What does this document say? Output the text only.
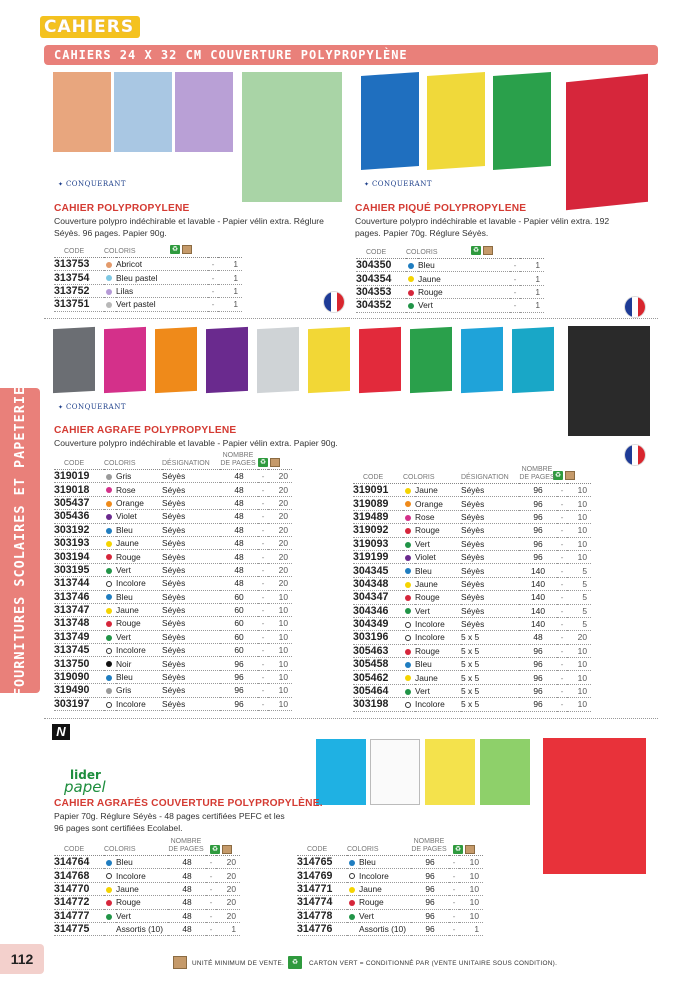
CAHIERS
CAHIERS 24 X 32 CM COUVERTURE POLYPROPYLÈNE
FOURNITURES SCOLAIRES ET PAPETERIE
112
✦ CONQUERANT
CAHIER POLYPROPYLENE
Couverture polypro indéchirable et lavable - Papier vélin extra. Réglure Séyès. 96 pages. Papier 90g.
♻
CODE	COLORIS			
313753		Abricot	-	1
313754		Bleu pastel	-	1
313752		Lilas	-	1
313751		Vert pastel	-	1
✦ CONQUERANT
CAHIER PIQUÉ POLYPROPYLENE
Couverture polypro indéchirable et lavable - Papier vélin extra. 192 pages. Papier 70g. Réglure Séyès.
♻
CODE	COLORIS			
304350		Bleu	-	1
304354		Jaune	-	1
304353		Rouge	-	1
304352		Vert	-	1
✦ CONQUERANT
CAHIER AGRAFE POLYPROPYLENE
Couverture polypro indéchirable et lavable - Papier vélin extra. Papier 90g.
♻
♻
CODE	COLORIS		DÉSIGNATION	NOMBRE DE PAGES		
319019		Gris	Séyès	48	-	20
319018		Rose	Séyès	48	-	20
305437		Orange	Séyès	48	-	20
305436		Violet	Séyès	48	-	20
303192		Bleu	Séyès	48	-	20
303193		Jaune	Séyès	48	-	20
303194		Rouge	Séyès	48	-	20
303195		Vert	Séyès	48	-	20
313744		Incolore	Séyès	48	-	20
313746		Bleu	Séyès	60	-	10
313747		Jaune	Séyès	60	-	10
313748		Rouge	Séyès	60	-	10
313749		Vert	Séyès	60	-	10
313745		Incolore	Séyès	60	-	10
313750		Noir	Séyès	96	-	10
319090		Bleu	Séyès	96	-	10
319490		Gris	Séyès	96	-	10
303197		Incolore	Séyès	96	-	10
CODE	COLORIS		DÉSIGNATION	NOMBRE DE PAGES		
319091		Jaune	Séyès	96	-	10
319089		Orange	Séyès	96	-	10
319489		Rose	Séyès	96	-	10
319092		Rouge	Séyès	96	-	10
319093		Vert	Séyès	96	-	10
319199		Violet	Séyès	96	-	10
304345		Bleu	Séyès	140	-	5
304348		Jaune	Séyès	140	-	5
304347		Rouge	Séyès	140	-	5
304346		Vert	Séyès	140	-	5
304349		Incolore	Séyès	140	-	5
303196		Incolore	5 x 5	48	-	20
305463		Rouge	5 x 5	96	-	10
305458		Bleu	5 x 5	96	-	10
305462		Jaune	5 x 5	96	-	10
305464		Vert	5 x 5	96	-	10
303198		Incolore	5 x 5	96	-	10
N
lider
papel
CAHIER AGRAFÉS COUVERTURE POLYPROPYLÈNE.
Papier 70g. Réglure Séyès - 48 pages certifiées PEFC et les 96 pages sont certifiées Ecolabel.
♻	♻
CODE	COLORIS		NOMBRE DE PAGES		
314764		Bleu	48	-	20
314768		Incolore	48	-	20
314770		Jaune	48	-	20
314772		Rouge	48	-	20
314777		Vert	48	-	20
314775		Assortis (10)	48	-	1
CODE	COLORIS		NOMBRE DE PAGES		
314765		Bleu	96	-	10
314769		Incolore	96	-	10
314771		Jaune	96	-	10
314774		Rouge	96	-	10
314778		Vert	96	-	10
314776		Assortis (10)	96	-	1
UNITÉ MINIMUM DE VENTE.	♻	CARTON VERT = CONDITIONNÉ PAR (VENTE UNITAIRE SOUS CONDITION).
